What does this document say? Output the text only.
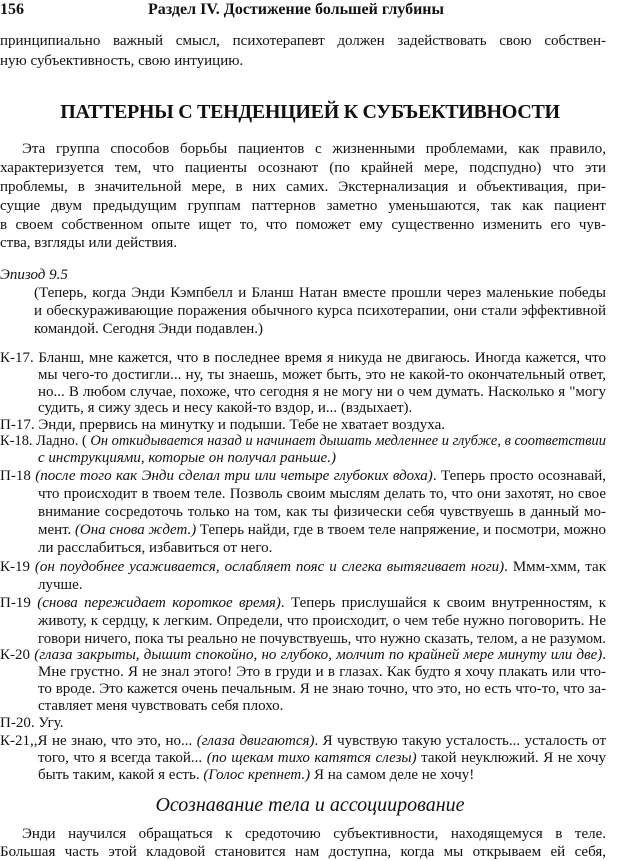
156	Раздел IV. Достижение большей глубины
ПАТТЕРНЫ С ТЕНДЕНЦИЕЙ К СУБЪЕКТИВНОСТИ
Осознавание тела и ассоциирование
принципиально важный смысл, психотерапевт должен задействовать свою собствен-
ную субъективность, свою интуицию.
Эта группа способов борьбы пациентов с жизненными проблемами, как правило,
характеризуется тем, что пациенты осознают (по крайней мере, подспудно) что эти
проблемы, в значительной мере, в них самих. Экстернализация и объективация, при-
сущие двум предыдущим группам паттернов заметно уменьшаются, так как пациент
в своем собственном опыте ищет то, что поможет ему существенно изменить его чув-
ства, взгляды или действия.
Эпизод 9.5
(Теперь, когда Энди Кэмпбелл и Бланш Натан вместе прошли через маленькие победы
и обескураживающие поражения обычного курса психотерапии, они стали эффективной
командой. Сегодня Энди подавлен.)
К-17. Бланш, мне кажется, что в последнее время я никуда не двигаюсь. Иногда кажется, что
мы чего-то достигли... ну, ты знаешь, может быть, это не какой-то окончательный ответ,
но... В любом случае, похоже, что сегодня я не могу ни о чем думать. Насколько я "могу
судить, я сижу здесь и несу какой-то вздор, и... (вздыхает).
П-17. Энди, прервись на минутку и подыши. Тебе не хватает воздуха.
К-18. Ладно. ( Он откидывается назад и начинает дышать медленнее и глубже, в соответствии
с инструкциями, которые он получал раньше.)
П-18 (после того как Энди сделал три или четыре глубоких вдоха). Теперь просто осознавай,
что происходит в твоем теле. Позволь своим мыслям делать то, что они захотят, но свое
внимание сосредоточь только на том, как ты физически себя чувствуешь в данный мо-
мент. (Она снова ждет.) Теперь найди, где в твоем теле напряжение, и посмотри, можно
ли расслабиться, избавиться от него.
К-19 (он поудобнее усаживается, ослабляет пояс и слегка вытягивает ноги). Ммм-хмм, так
лучше.
П-19 (снова пережидает короткое время). Теперь прислушайся к своим внутренностям, к
животу, к сердцу, к легким. Определи, что происходит, о чем тебе нужно поговорить. Не
говори ничего, пока ты реально не почувствуешь, что нужно сказать, телом, а не разумом.
К-20 (глаза закрыты, дышит спокойно, но глубоко, молчит по крайней мере минуту или две).
Мне грустно. Я не знал этого! Это в груди и в глазах. Как будто я хочу плакать или что-
то вроде. Это кажется очень печальным. Я не знаю точно, что это, но есть что-то, что за-
ставляет меня чувствовать себя плохо.
П-20. Угу.
К-21,,Я не знаю, что это, но... (глаза двигаются). Я чувствую такую усталость... усталость от
того, что я всегда такой... (по щекам тихо катятся слезы) такой неуклюжий. Я не хочу
быть таким, какой я есть. (Голос крепнет.) Я на самом деле не хочу!
Энди научился обращаться к средоточию субъективности, находящемуся в теле.
Большая часть этой кладовой становится нам доступна, когда мы открываем ей себя,
